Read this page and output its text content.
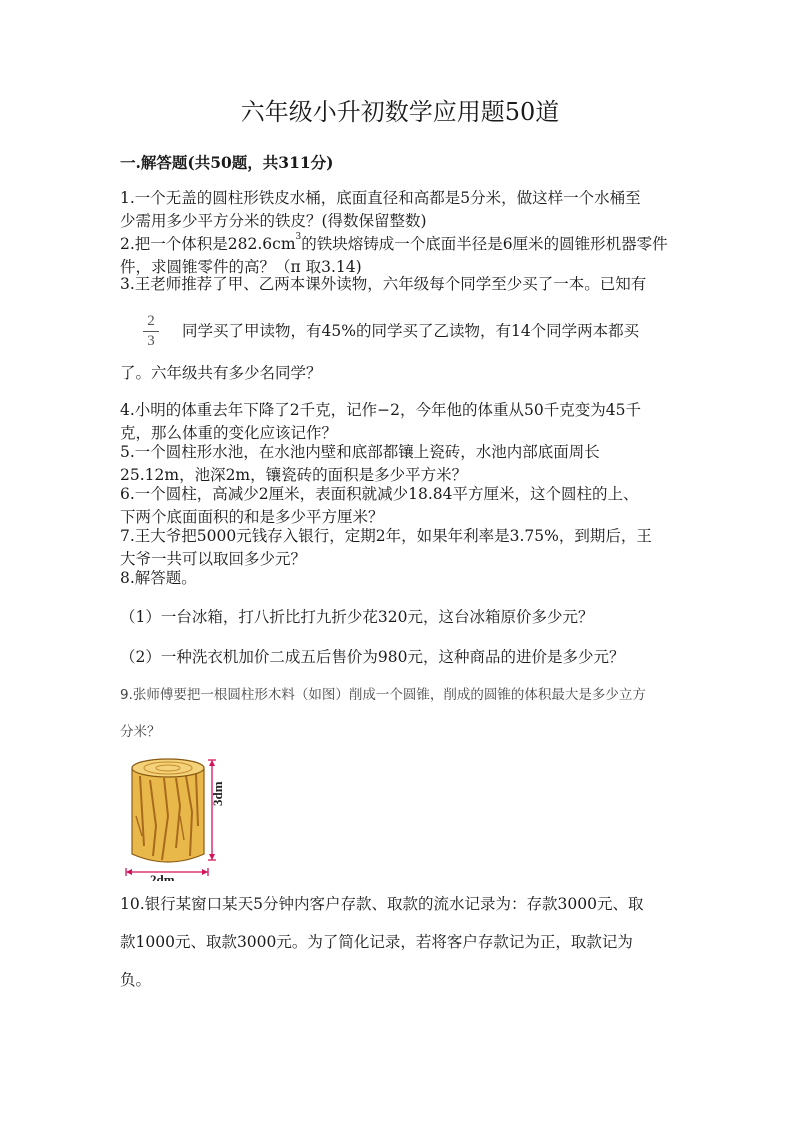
六年级小升初数学应用题50道
一.解答题(共50题，共311分)
1.一个无盖的圆柱形铁皮水桶，底面直径和高都是5分米，做这样一个水桶至
少需用多少平方分米的铁皮？(得数保留整数)
2.把一个体积是$282.6cm^3$的铁块熔铸成一个底面半径是6厘米的圆锥形机器零件
件，求圆锥零件的高？（π 取3.14)
3.王老师推荐了甲、乙两本课外读物，六年级每个同学至少买了一本。已知有
2
3
同学买了甲读物，有45%的同学买了乙读物，有14个同学两本都买
了。六年级共有多少名同学？
4.小明的体重去年下降了2千克，记作−2，今年他的体重从50千克变为45千
克，那么体重的变化应该记作？
5.一个圆柱形水池，在水池内壁和底部都镶上瓷砖，水池内部底面周长
25.12m，池深2m，镶瓷砖的面积是多少平方米？
6.一个圆柱，高减少2厘米，表面积就减少18.84平方厘米，这个圆柱的上、
下两个底面面积的和是多少平方厘米？
7.王大爷把5000元钱存入银行，定期2年，如果年利率是3.75%，到期后，王
大爷一共可以取回多少元？
8.解答题。
（1）一台冰箱，打八折比打九折少花320元，这台冰箱原价多少元？
（2）一种洗衣机加价二成五后售价为980元，这种商品的进价是多少元？
9.张师傅要把一根圆柱形木料（如图）削成一个圆锥，削成的圆锥的体积最大是多少立方
分米？
3dm
2dm
10.银行某窗口某天5分钟内客户存款、取款的流水记录为：存款3000元、取
款1000元、取款3000元。为了简化记录，若将客户存款记为正，取款记为
负。
